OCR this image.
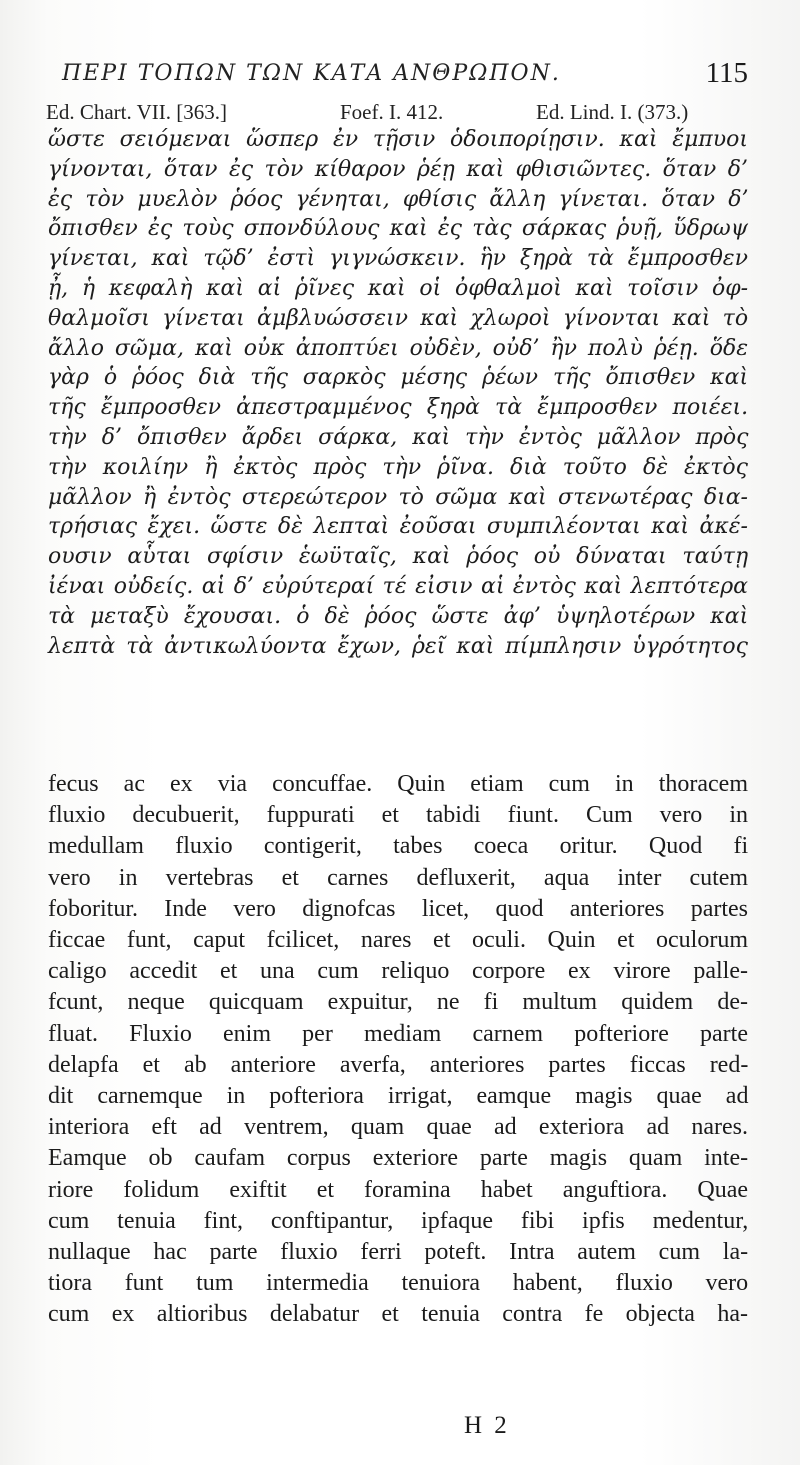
ΠΕΡΙ ΤΟΠΩΝ ΤΩΝ ΚΑΤΑ ΑΝΘΡΩΠΟΝ.	115
Ed. Chart. VII. [363.]	Foef. I. 412.	Ed. Lind. I. (373.)
ὥστε σειόμεναι ὥσπερ ἐν τῇσιν ὁδοιπορίῃσιν. καὶ ἔμπυοι
γίνονται, ὅταν ἐς τὸν κίθαρον ῥέῃ καὶ φθισιῶντες. ὅταν δ’
ἐς τὸν μυελὸν ῥόος γένηται, φθίσις ἄλλη γίνεται. ὅταν δ’
ὄπισθεν ἐς τοὺς σπονδύλους καὶ ἐς τὰς σάρκας ῥυῇ, ὕδρωψ
γίνεται, καὶ τῷδ’ ἐστὶ γιγνώσκειν. ἣν ξηρὰ τὰ ἔμπροσθεν
ᾖ, ἡ κεφαλὴ καὶ αἱ ῥῖνες καὶ οἱ ὀφθαλμοὶ καὶ τοῖσιν ὀφ-
θαλμοῖσι γίνεται ἀμβλυώσσειν καὶ χλωροὶ γίνονται καὶ τὸ
ἄλλο σῶμα, καὶ οὐκ ἀποπτύει οὐδὲν, οὐδ’ ἢν πολὺ ῥέῃ. ὅδε
γὰρ ὁ ῥόος διὰ τῆς σαρκὸς μέσης ῥέων τῆς ὄπισθεν καὶ
τῆς ἔμπροσθεν ἀπεστραμμένος ξηρὰ τὰ ἔμπροσθεν ποιέει.
τὴν δ’ ὄπισθεν ἄρδει σάρκα, καὶ τὴν ἐντὸς μᾶλλον πρὸς
τὴν κοιλίην ἢ ἐκτὸς πρὸς τὴν ῥῖνα. διὰ τοῦτο δὲ ἐκτὸς
μᾶλλον ἢ ἐντὸς στερεώτερον τὸ σῶμα καὶ στενωτέρας δια-
τρήσιας ἔχει. ὥστε δὲ λεπταὶ ἐοῦσαι συμπιλέονται καὶ ἀκέ-
ουσιν αὗται σφίσιν ἑωϋταῖς, καὶ ῥόος οὐ δύναται ταύτῃ
ἰέναι οὐδείς. αἱ δ’ εὐρύτεραί τέ εἰσιν αἱ ἐντὸς καὶ λεπτότερα
τὰ μεταξὺ ἔχουσαι. ὁ δὲ ῥόος ὥστε ἀφ’ ὑψηλοτέρων καὶ
λεπτὰ τὰ ἀντικωλύοντα ἔχων, ῥεῖ καὶ πίμπλησιν ὑγρότητος
fecus ac ex via concuffae. Quin etiam cum in thoracem
fluxio decubuerit, fuppurati et tabidi fiunt. Cum vero in
medullam fluxio contigerit, tabes coeca oritur. Quod fi
vero in vertebras et carnes defluxerit, aqua inter cutem
foboritur. Inde vero dignofcas licet, quod anteriores partes
ficcae funt, caput fcilicet, nares et oculi. Quin et oculorum
caligo accedit et una cum reliquo corpore ex virore palle-
fcunt, neque quicquam expuitur, ne fi multum quidem de-
fluat. Fluxio enim per mediam carnem pofteriore parte
delapfa et ab anteriore averfa, anteriores partes ficcas red-
dit carnemque in pofteriora irrigat, eamque magis quae ad
interiora eft ad ventrem, quam quae ad exteriora ad nares.
Eamque ob caufam corpus exteriore parte magis quam inte-
riore folidum exiftit et foramina habet anguftiora. Quae
cum tenuia fint, conftipantur, ipfaque fibi ipfis medentur,
nullaque hac parte fluxio ferri poteft. Intra autem cum la-
tiora funt tum intermedia tenuiora habent, fluxio vero
cum ex altioribus delabatur et tenuia contra fe objecta ha-
H 2
